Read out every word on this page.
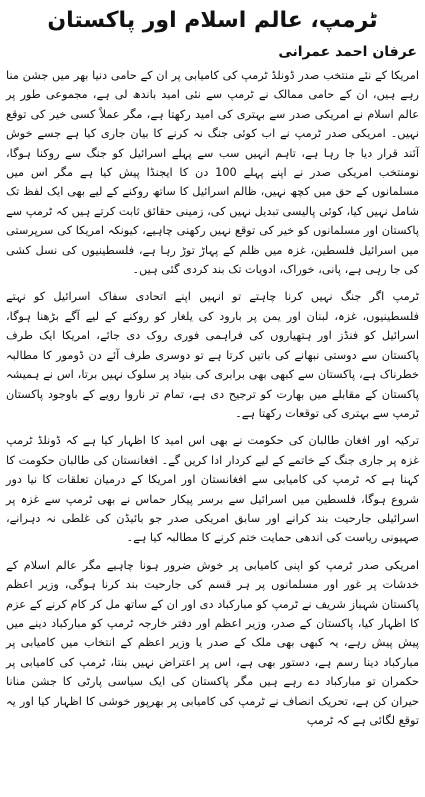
ٹرمپ، عالم اسلام اور پاکستان
عرفان احمد عمرانی

امریکا کے نئے منتخب صدر ڈونلڈ ٹرمپ کی کامیابی پر ان کے حامی دنیا بھر میں جشن منا رہے ہیں، ان کے حامی ممالک نے ٹرمپ سے نئی امید باندھ لی ہے، مجموعی طور پر عالم اسلام نے امریکی صدر سے بہتری کی امید رکھتا ہے، مگر عملاً کسی خیر کی توقع نہیں۔ امریکی صدر ٹرمپ نے اب کوئی جنگ نہ کرنے کا بیان جاری کیا ہے جسے خوش آئند قرار دیا جا رہا ہے، تاہم انہیں سب سے پہلے اسرائیل کو جنگ سے روکنا ہوگا، نومنتخب امریکی صدر نے اپنے پہلے 100 دن کا ایجنڈا پیش کیا ہے مگر اس میں مسلمانوں کے حق میں کچھ نہیں، ظالم اسرائیل کا ساتھ روکنے کے لیے بھی ایک لفظ تک شامل نہیں کیا، کوئی پالیسی تبدیل نہیں کی، زمینی حقائق ثابت کرتے ہیں کہ ٹرمپ سے پاکستان اور مسلمانوں کو خیر کی توقع نہیں رکھنی چاہیے، کیونکہ امریکا کی سرپرستی میں اسرائیل فلسطین، غزہ میں ظلم کے پہاڑ توڑ رہا ہے، فلسطینیوں کی نسل کشی کی جا رہی ہے، پانی، خوراک، ادویات تک بند کردی گئی ہیں۔

ٹرمپ اگر جنگ نہیں کرنا چاہتے تو انہیں اپنے اتحادی سفاک اسرائیل کو نہتے فلسطینیوں، غزہ، لبنان اور یمن پر بارود کی یلغار کو روکنے کے لیے آگے بڑھنا ہوگا، اسرائیل کو فنڈز اور ہتھیاروں کی فراہمی فوری روک دی جائے، امریکا ایک طرف پاکستان سے دوستی نبھانے کی باتیں کرتا ہے تو دوسری طرف آئے دن ڈومور کا مطالبہ خطرناک ہے، پاکستان سے کبھی بھی برابری کی بنیاد پر سلوک نہیں برتا، اس نے ہمیشہ پاکستان کے مقابلے میں بھارت کو ترجیح دی ہے، تمام تر ناروا رویے کے باوجود پاکستان ٹرمپ سے بہتری کی توقعات رکھتا ہے۔

ترکیہ اور افغان طالبان کی حکومت نے بھی اس امید کا اظہار کیا ہے کہ ڈونلڈ ٹرمپ غزہ پر جاری جنگ کے خاتمے کے لیے کردار ادا کریں گے۔ افغانستان کی طالبان حکومت کا کہنا ہے کہ ٹرمپ کی کامیابی سے افغانستان اور امریکا کے درمیان تعلقات کا نیا دور شروع ہوگا، فلسطین میں اسرائیل سے برسر پیکار حماس نے بھی ٹرمپ سے غزہ پر اسرائیلی جارحیت بند کرانے اور سابق امریکی صدر جو بائیڈن کی غلطی نہ دہرانے، صہیونی ریاست کی اندھی حمایت ختم کرنے کا مطالبہ کیا ہے۔

امریکی صدر ٹرمپ کو اپنی کامیابی پر خوش ضرور ہونا چاہیے مگر عالم اسلام کے خدشات پر غور اور مسلمانوں پر ہر قسم کی جارحیت بند کرنا ہوگی، وزیر اعظم پاکستان شہباز شریف نے ٹرمپ کو مبارکباد دی اور ان کے ساتھ مل کر کام کرنے کے عزم کا اظہار کیا، پاکستان کے صدر، وزیر اعظم اور دفتر خارجہ ٹرمپ کو مبارکباد دینے میں پیش پیش رہے، یہ کبھی بھی ملک کے صدر یا وزیر اعظم کے انتخاب میں کامیابی پر مبارکباد دینا رسم ہے، دستور بھی ہے، اس پر اعتراض نہیں بنتا، ٹرمپ کی کامیابی پر حکمران تو مبارکباد دے رہے ہیں مگر پاکستان کی ایک سیاسی پارٹی کا جشن منانا حیران کن ہے، تحریک انصاف نے ٹرمپ کی کامیابی پر بھرپور خوشی کا اظہار کیا اور یہ توقع لگائی ہے کہ ٹرمپ
